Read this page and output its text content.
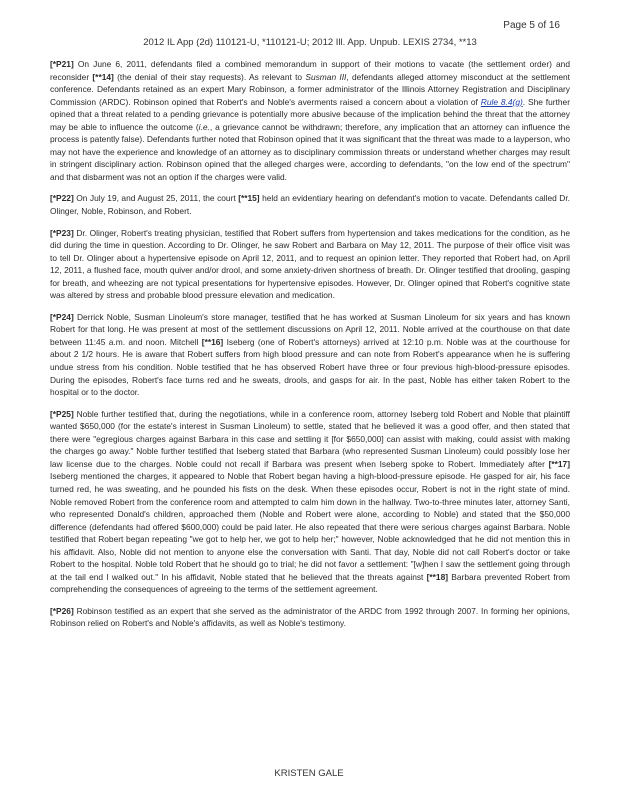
Page 5 of 16
2012 IL App (2d) 110121-U, *110121-U; 2012 Ill. App. Unpub. LEXIS 2734, **13

[*P21] On June 6, 2011, defendants filed a combined memorandum in support of their motions to vacate (the settlement order) and reconsider [**14] (the denial of their stay requests). As relevant to Susman III, defendants alleged attorney misconduct at the settlement conference. Defendants retained as an expert Mary Robinson, a former administrator of the Illinois Attorney Registration and Disciplinary Commission (ARDC). Robinson opined that Robert's and Noble's averments raised a concern about a violation of Rule 8.4(g). She further opined that a threat related to a pending grievance is potentially more abusive because of the implication behind the threat that the attorney may be able to influence the outcome (i.e., a grievance cannot be withdrawn; therefore, any implication that an attorney can influence the process is patently false). Defendants further noted that Robinson opined that it was significant that the threat was made to a layperson, who may not have the experience and knowledge of an attorney as to disciplinary commission threats or understand whether charges may result in stringent disciplinary action. Robinson opined that the alleged charges were, according to defendants, "on the low end of the spectrum" and that disbarment was not an option if the charges were valid.

[*P22] On July 19, and August 25, 2011, the court [**15] held an evidentiary hearing on defendant's motion to vacate. Defendants called Dr. Olinger, Noble, Robinson, and Robert.

[*P23] Dr. Olinger, Robert's treating physician, testified that Robert suffers from hypertension and takes medications for the condition, as he did during the time in question. According to Dr. Olinger, he saw Robert and Barbara on May 12, 2011. The purpose of their office visit was to tell Dr. Olinger about a hypertensive episode on April 12, 2011, and to request an opinion letter. They reported that Robert had, on April 12, 2011, a flushed face, mouth quiver and/or drool, and some anxiety-driven shortness of breath. Dr. Olinger testified that drooling, gasping for breath, and wheezing are not typical presentations for hypertensive episodes. However, Dr. Olinger opined that Robert's cognitive state was altered by stress and probable blood pressure elevation and medication.

[*P24] Derrick Noble, Susman Linoleum's store manager, testified that he has worked at Susman Linoleum for six years and has known Robert for that long. He was present at most of the settlement discussions on April 12, 2011. Noble arrived at the courthouse on that date between 11:45 a.m. and noon. Mitchell [**16] Iseberg (one of Robert's attorneys) arrived at 12:10 p.m. Noble was at the courthouse for about 2 1/2 hours. He is aware that Robert suffers from high blood pressure and can note from Robert's appearance when he is suffering undue stress from his condition. Noble testified that he has observed Robert have three or four previous high-blood-pressure episodes. During the episodes, Robert's face turns red and he sweats, drools, and gasps for air. In the past, Noble has either taken Robert to the hospital or to the doctor.

[*P25] Noble further testified that, during the negotiations, while in a conference room, attorney Iseberg told Robert and Noble that plaintiff wanted $650,000 (for the estate's interest in Susman Linoleum) to settle, stated that he believed it was a good offer, and then stated that there were "egregious charges against Barbara in this case and settling it [for $650,000] can assist with making, could assist with making the charges go away." Noble further testified that Iseberg stated that Barbara (who represented Susman Linoleum) could possibly lose her law license due to the charges. Noble could not recall if Barbara was present when Iseberg spoke to Robert. Immediately after [**17] Iseberg mentioned the charges, it appeared to Noble that Robert began having a high-blood-pressure episode. He gasped for air, his face turned red, he was sweating, and he pounded his fists on the desk. When these episodes occur, Robert is not in the right state of mind. Noble removed Robert from the conference room and attempted to calm him down in the hallway. Two-to-three minutes later, attorney Santi, who represented Donald's children, approached them (Noble and Robert were alone, according to Noble) and stated that the $50,000 difference (defendants had offered $600,000) could be paid later. He also repeated that there were serious charges against Barbara. Noble testified that Robert began repeating "we got to help her, we got to help her;" however, Noble acknowledged that he did not mention this in his affidavit. Also, Noble did not mention to anyone else the conversation with Santi. That day, Noble did not call Robert's doctor or take Robert to the hospital. Noble told Robert that he should go to trial; he did not favor a settlement: "[w]hen I saw the settlement going through at the tail end I walked out." In his affidavit, Noble stated that he believed that the threats against [**18] Barbara prevented Robert from comprehending the consequences of agreeing to the terms of the settlement agreement.

[*P26] Robinson testified as an expert that she served as the administrator of the ARDC from 1992 through 2007. In forming her opinions, Robinson relied on Robert's and Noble's affidavits, as well as Noble's testimony.

KRISTEN GALE
